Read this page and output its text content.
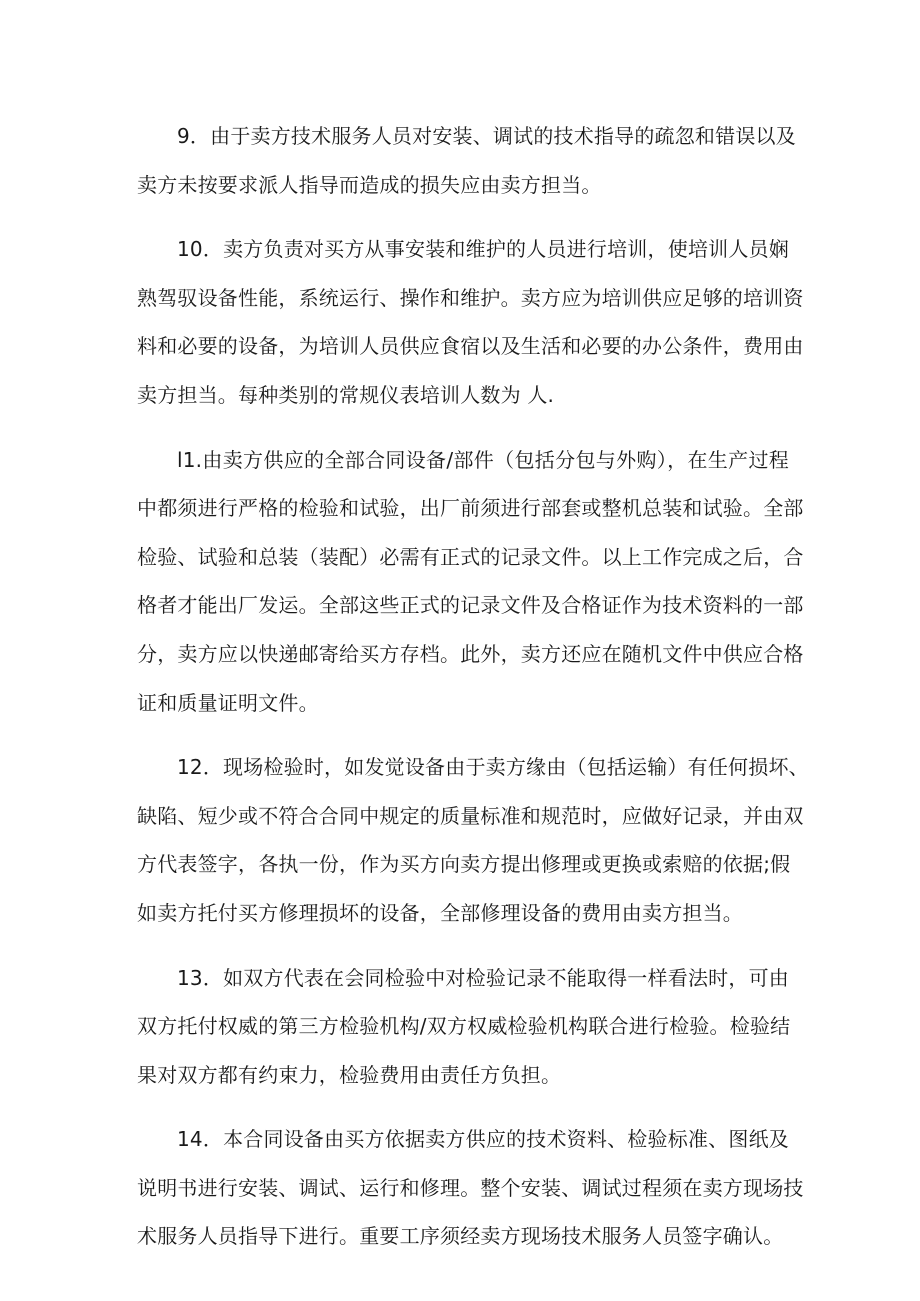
9．由于卖方技术服务人员对安装、调试的技术指导的疏忽和错误以及
卖方未按要求派人指导而造成的损失应由卖方担当。

10．卖方负责对买方从事安装和维护的人员进行培训，使培训人员娴
熟驾驭设备性能，系统运行、操作和维护。卖方应为培训供应足够的培训资
料和必要的设备，为培训人员供应食宿以及生活和必要的办公条件，费用由
卖方担当。每种类别的常规仪表培训人数为 人.

l1.由卖方供应的全部合同设备/部件（包括分包与外购），在生产过程
中都须进行严格的检验和试验，出厂前须进行部套或整机总装和试验。全部
检验、试验和总装（装配）必需有正式的记录文件。以上工作完成之后，合
格者才能出厂发运。全部这些正式的记录文件及合格证作为技术资料的一部
分，卖方应以快递邮寄给买方存档。此外，卖方还应在随机文件中供应合格
证和质量证明文件。

12．现场检验时，如发觉设备由于卖方缘由（包括运输）有任何损坏、
缺陷、短少或不符合合同中规定的质量标准和规范时，应做好记录，并由双
方代表签字，各执一份，作为买方向卖方提出修理或更换或索赔的依据;假
如卖方托付买方修理损坏的设备，全部修理设备的费用由卖方担当。

13．如双方代表在会同检验中对检验记录不能取得一样看法时，可由
双方托付权威的第三方检验机构/双方权威检验机构联合进行检验。检验结
果对双方都有约束力，检验费用由责任方负担。

14．本合同设备由买方依据卖方供应的技术资料、检验标准、图纸及
说明书进行安装、调试、运行和修理。整个安装、调试过程须在卖方现场技
术服务人员指导下进行。重要工序须经卖方现场技术服务人员签字确认。
